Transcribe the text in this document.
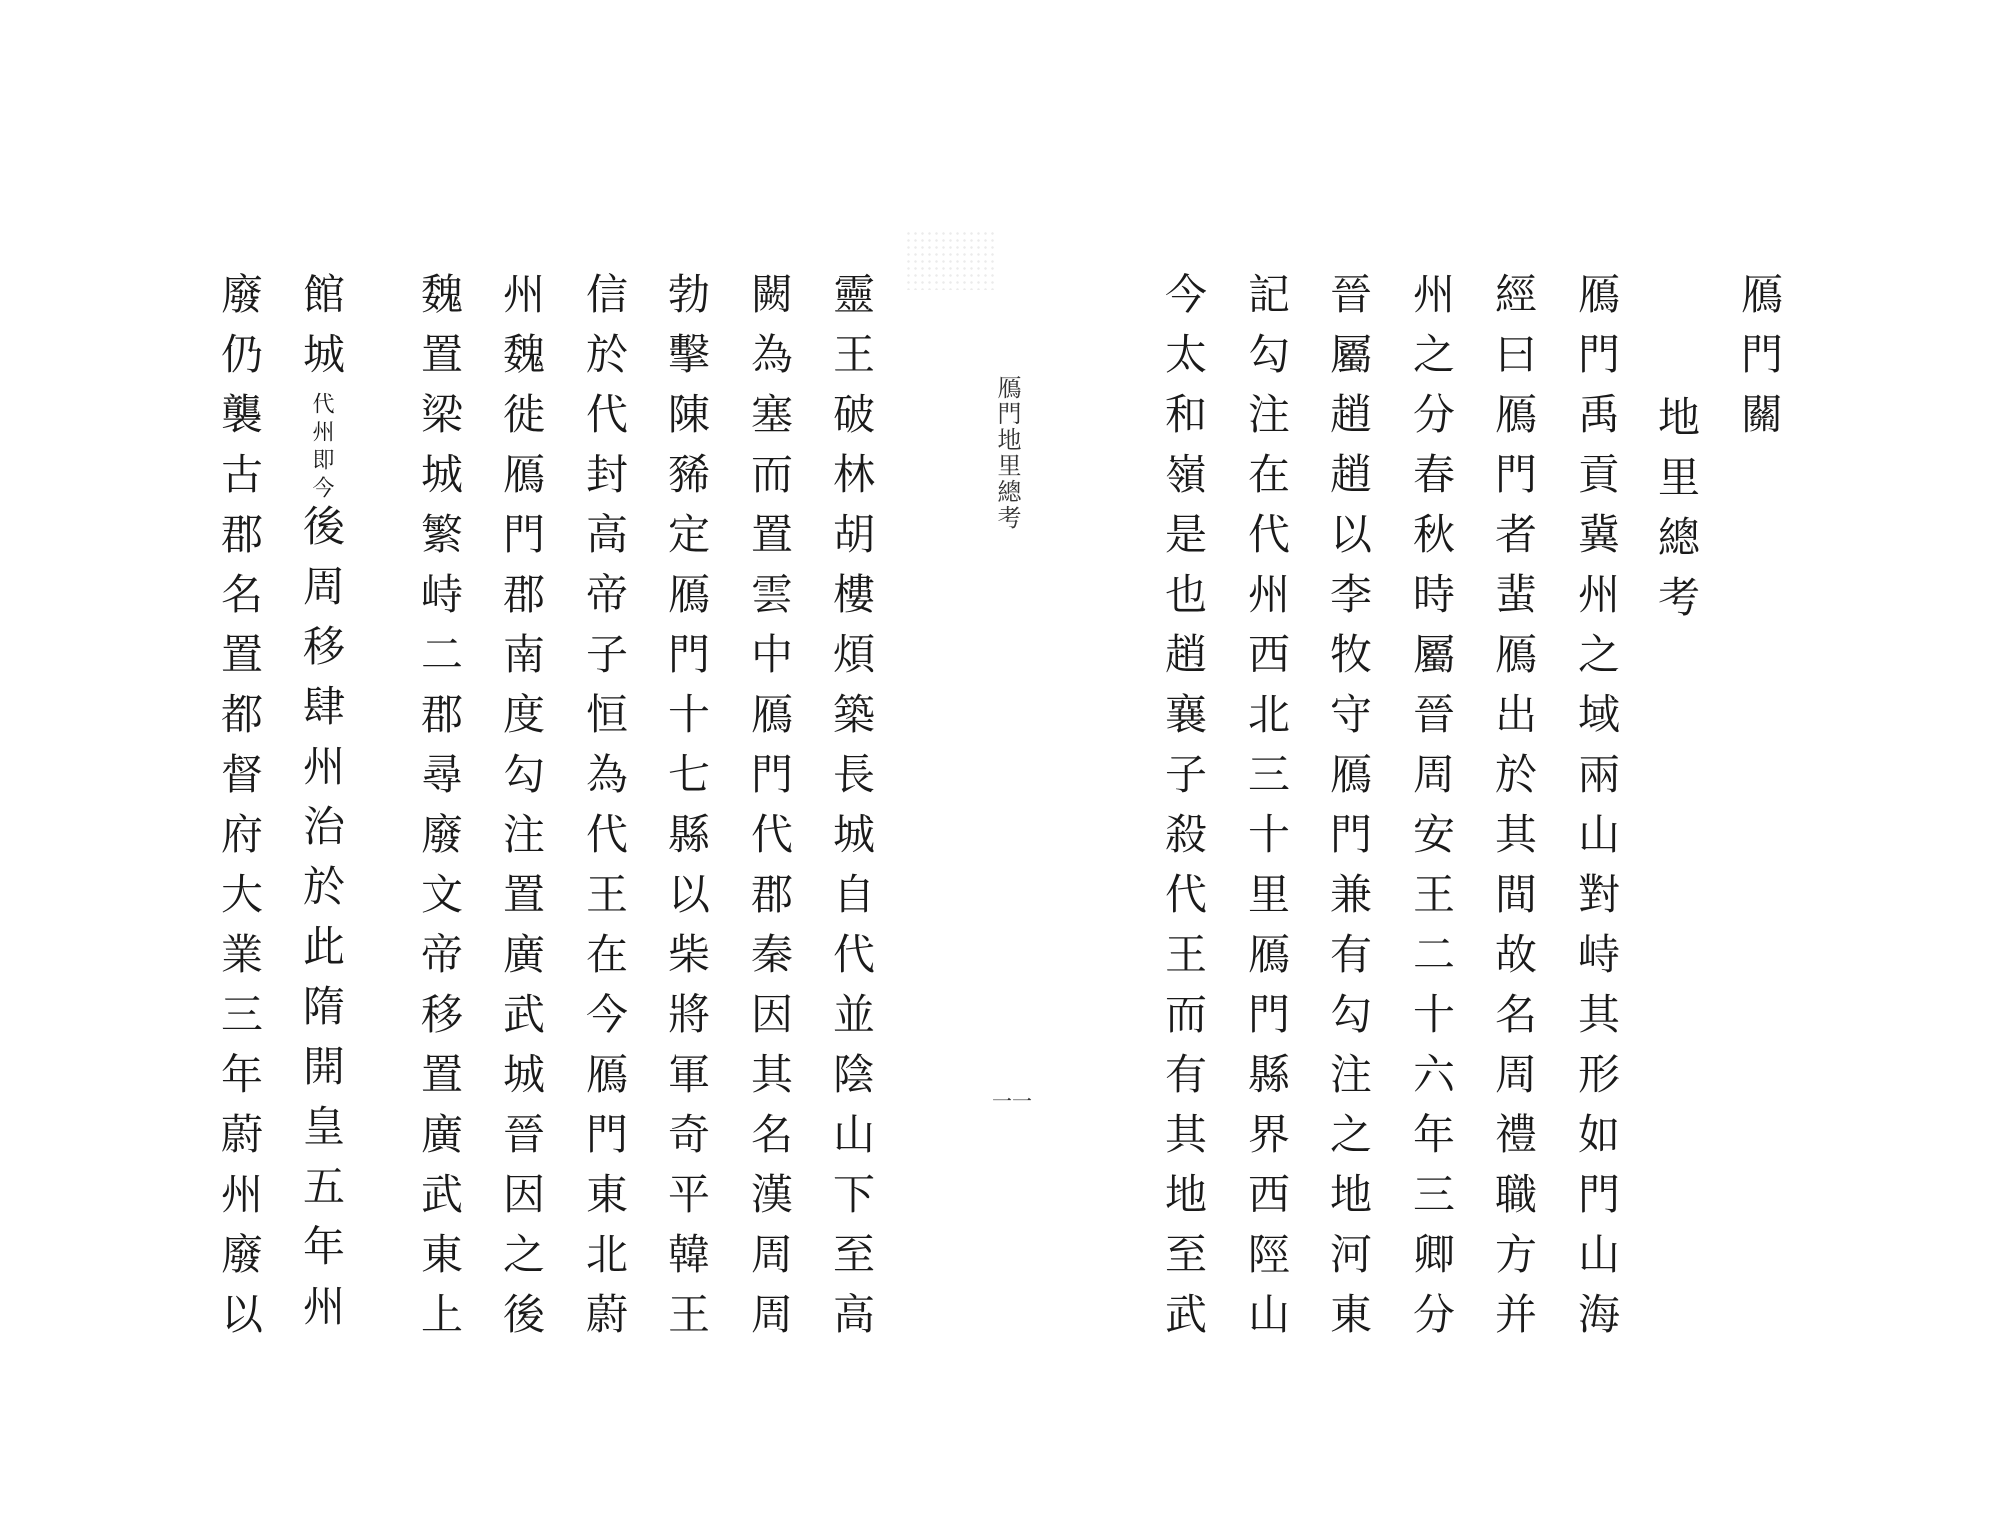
鴈門關
地里總考
鴈門禹貢冀州之域兩山對峙其形如門山海
經曰鴈門者蜚鴈出於其間故名周禮職方并
州之分春秋時屬晉周安王二十六年三卿分
晉屬趙趙以李牧守鴈門兼有勾注之地河東
記勾注在代州西北三十里鴈門縣界西陘山
今太和嶺是也趙襄子殺代王而有其地至武
鴈門地里總考
一一
靈王破林胡樓煩築長城自代並陰山下至高
闕為塞而置雲中鴈門代郡秦因其名漢周周
勃擊陳豨定鴈門十七縣以柴將軍奇平韓王
信於代封高帝子恒為代王在今鴈門東北蔚
州魏徙鴈門郡南度勾注置廣武城晉因之後
魏置梁城繁峙二郡尋廢文帝移置廣武東上
館城代州即今後周移肆州治於此隋開皇五年州
廢仍襲古郡名置都督府大業三年蔚州廢以
